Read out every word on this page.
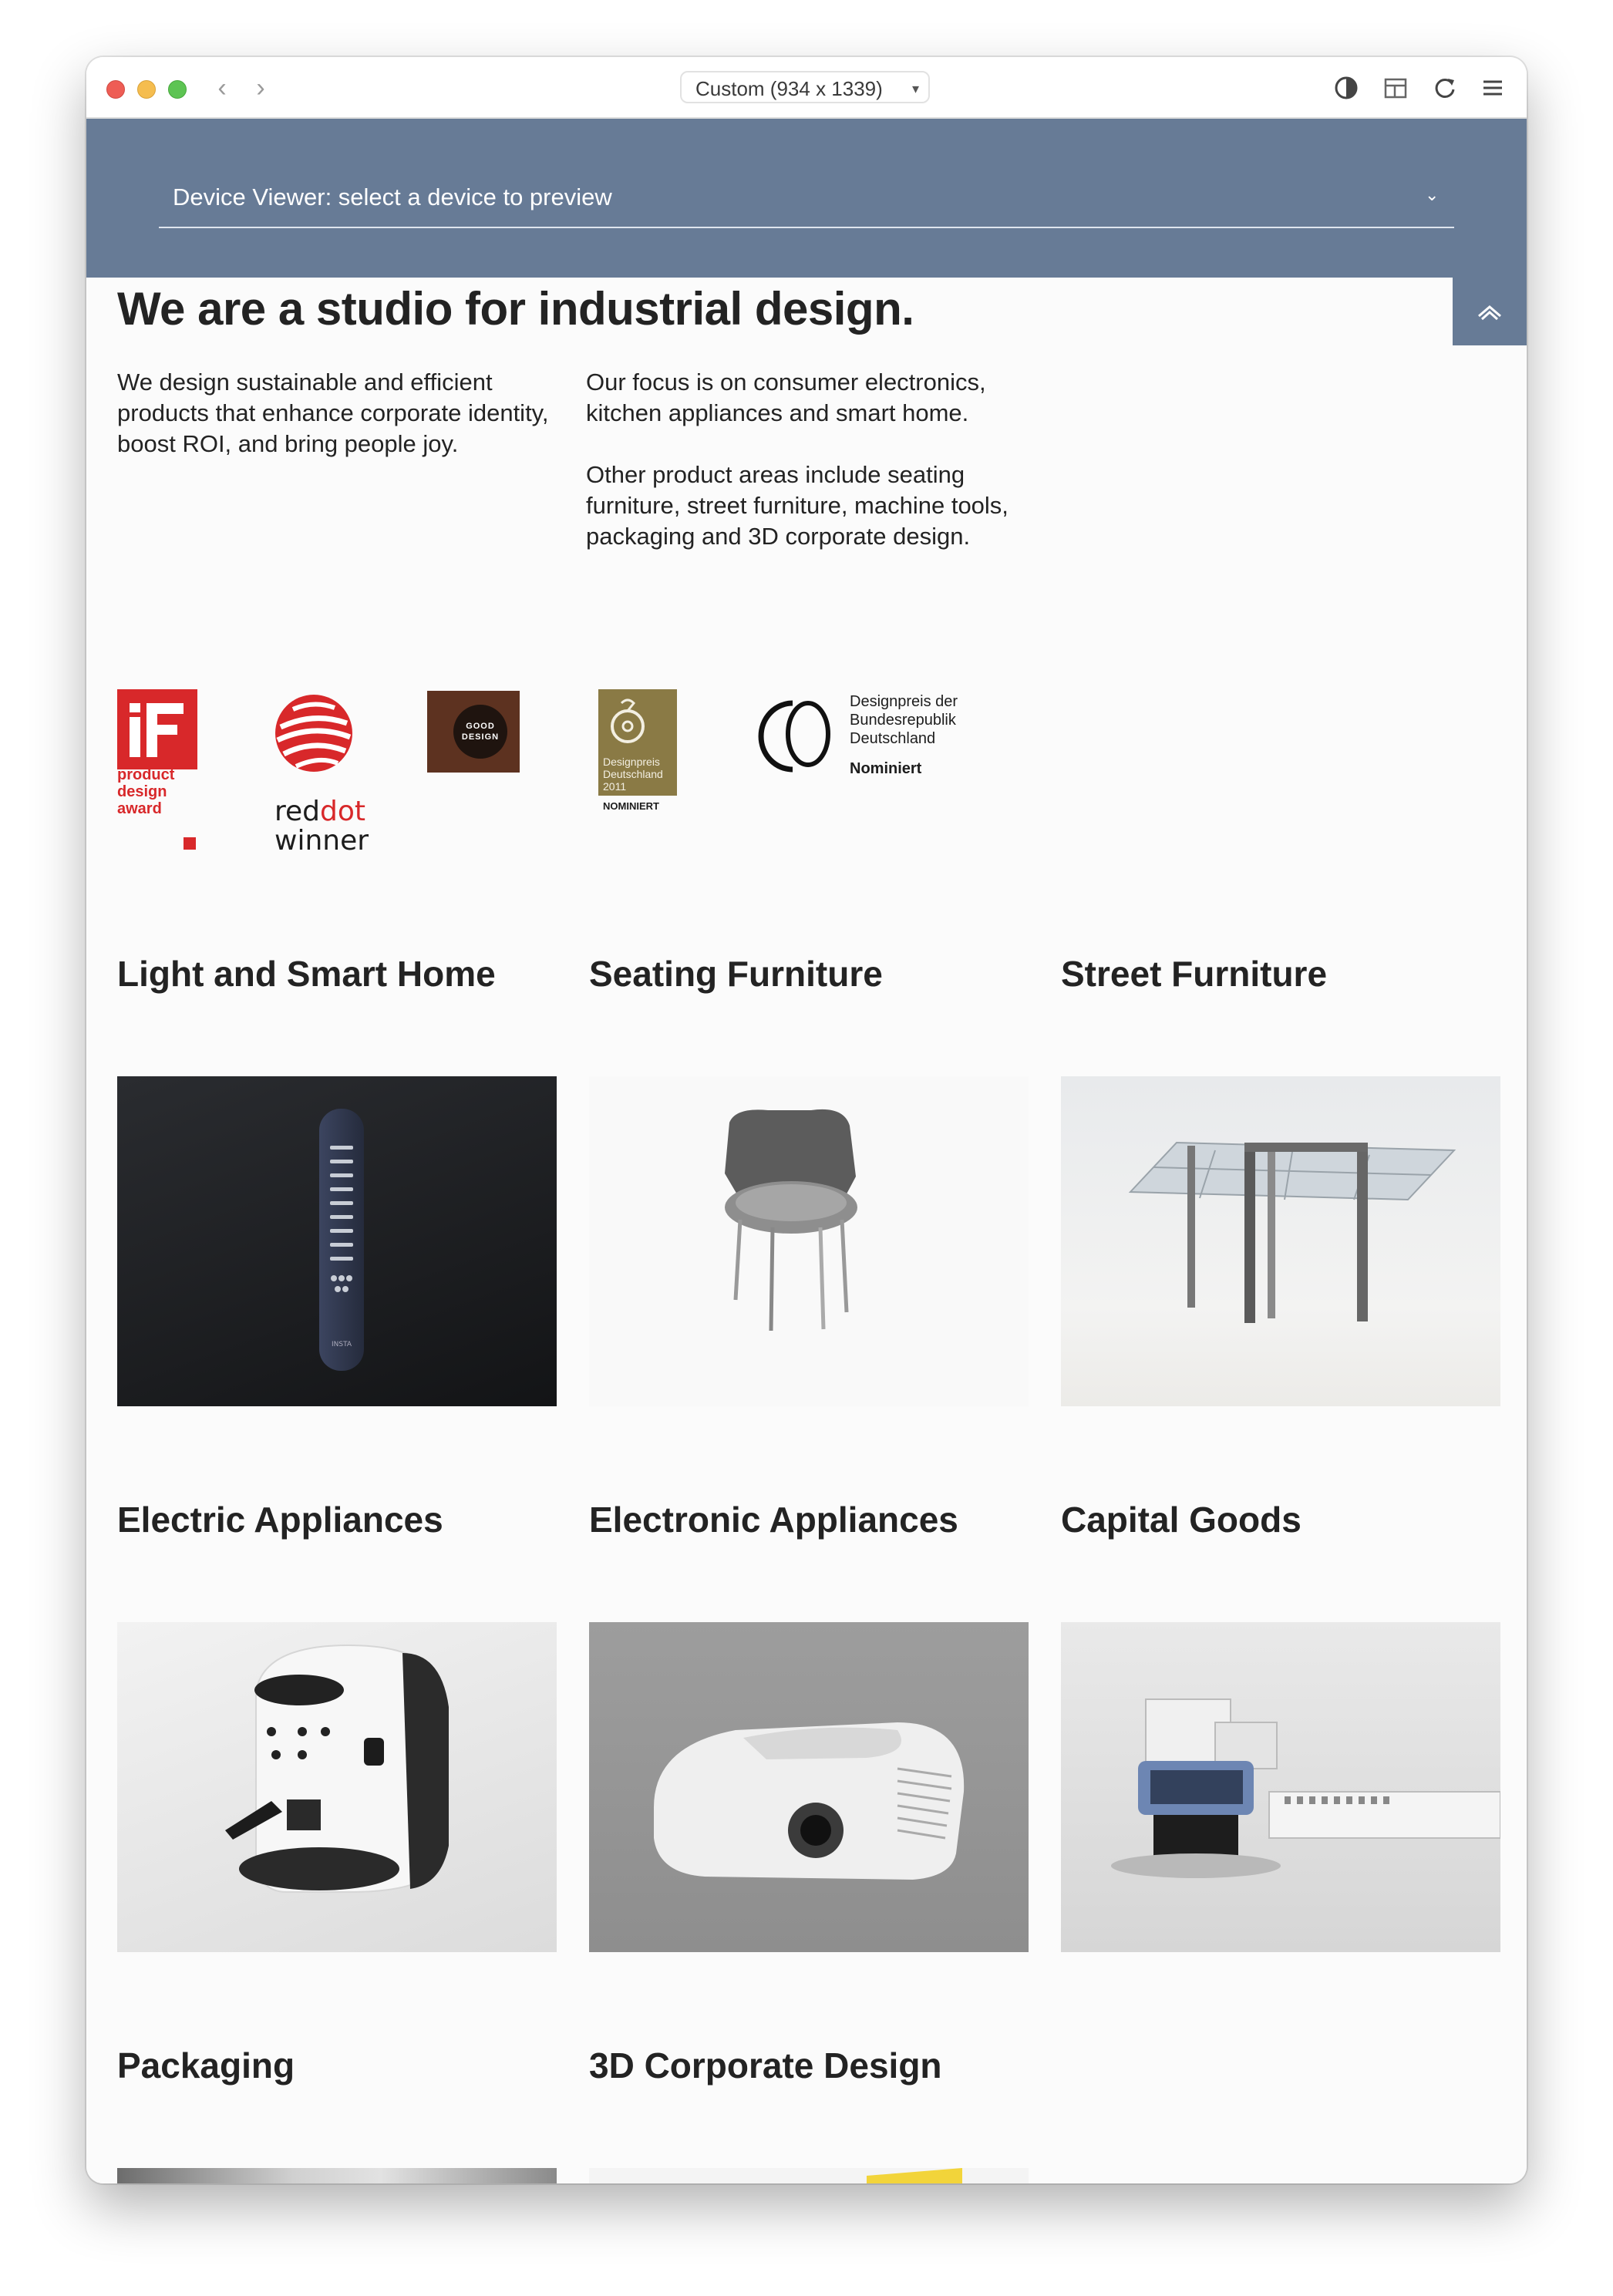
‹	›	Custom (934 x 1339) ▾
Device Viewer: select a device to preview	⌄
We are a studio for industrial design.

We design sustainable and efficient products that enhance corporate identity, boost ROI, and bring people joy.

Our focus is on consumer electronics, kitchen appliances and smart home.

Other product areas include seating furniture, street furniture, machine tools, packaging and 3D corporate design.

product
design
award	reddot
winner
GOOD
DESIGN
Designpreis
Deutschland
2011
NOMINIERT
Designpreis der
Bundesrepublik
Deutschland
Nominiert
Light and Smart Home
INSTA
Seating Furniture	Street Furniture
Electric Appliances	Electronic Appliances	Capital Goods
Packaging	3D Corporate Design
